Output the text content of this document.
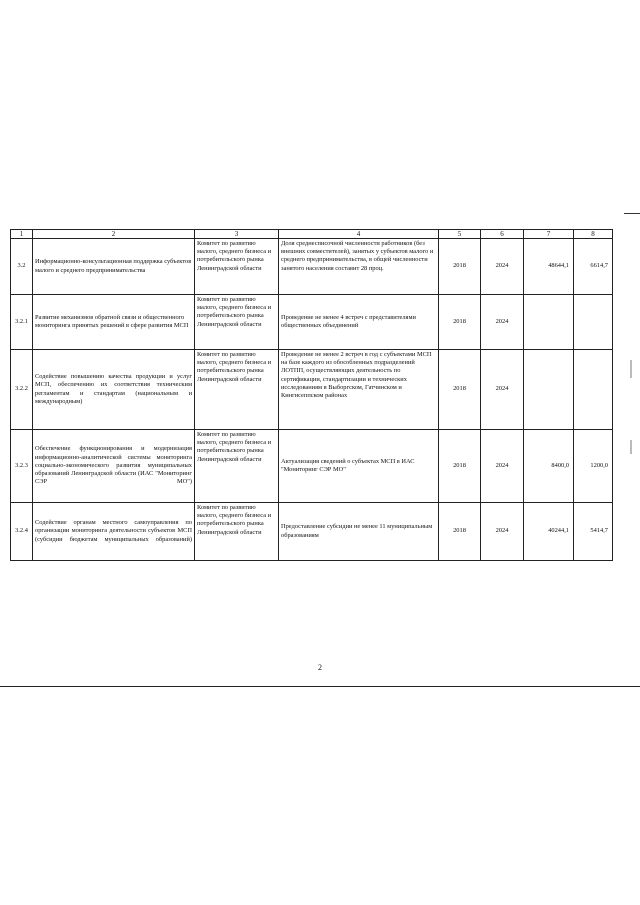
1	2	3	4	5	6	7	8
3.2	Информационно-консультационная поддержка субъектов малого и среднего предпринимательства	Комитет по развитию малого, среднего бизнеса и потребительского рынка Ленинградской области	Доля среднесписочной численности работников (без внешних совместителей), занятых у субъектов малого и среднего предпринимательства, в общей численности занятого населения составит 28 проц.	2018	2024	48644,1	6614,7
3.2.1	Развитие механизмов обратной связи и общественного мониторинга принятых решений в сфере развития МСП	Комитет по развитию малого, среднего бизнеса и потребительского рынка Ленинградской области	Проведение не менее 4 встреч с представителями общественных объединений	2018	2024		
3.2.2	Содействие повышению качества продукции и услуг МСП, обеспечению их соответствия техническим регламентам и стандартам (национальным и международным)	Комитет по развитию малого, среднего бизнеса и потребительского рынка Ленинградской области	Проведение не менее 2 встреч в год с субъектами МСП на базе каждого из обособленных подразделений ЛОТПП, осуществляющих деятельность по сертификации, стандартизации и технических исследованиям в Выборгском, Гатчинском и Кингисеппском районах	2018	2024		
3.2.3	Обеспечение функционирования и модернизация информационно-аналитической системы мониторинга социально-экономического развития муниципальных образований Ленинградской области (ИАС "Мониторинг СЭР МО")	Комитет по развитию малого, среднего бизнеса и потребительского рынка Ленинградской области	Актуализация сведений о субъектах МСП в ИАС "Мониторинг СЭР МО"	2018	2024	8400,0	1200,0
3.2.4	Содействие органам местного самоуправления по организации мониторинга деятельности субъектов МСП (субсидии бюджетам муниципальных образований)	Комитет по развитию малого, среднего бизнеса и потребительского рынка Ленинградской области	Предоставление субсидии не менее 11 муниципальным образованиям	2018	2024	40244,1	5414,7
2
